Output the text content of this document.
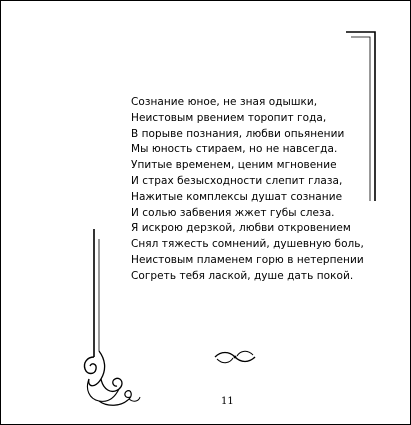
Сознание юное, не зная одышки,
Неистовым рвением торопит года,
В порыве познания, любви опьянении
Мы юность стираем, но не навсегда.
Упитые временем, ценим мгновение
И страх безысходности слепит глаза,
Нажитые комплексы душат сознание
И солью забвения жжет губы слеза.
Я искрою дерзкой, любви откровением
Снял тяжесть сомнений, душевную боль,
Неистовым пламенем горю в нетерпении
Согреть тебя лаской, душе дать покой.
11
